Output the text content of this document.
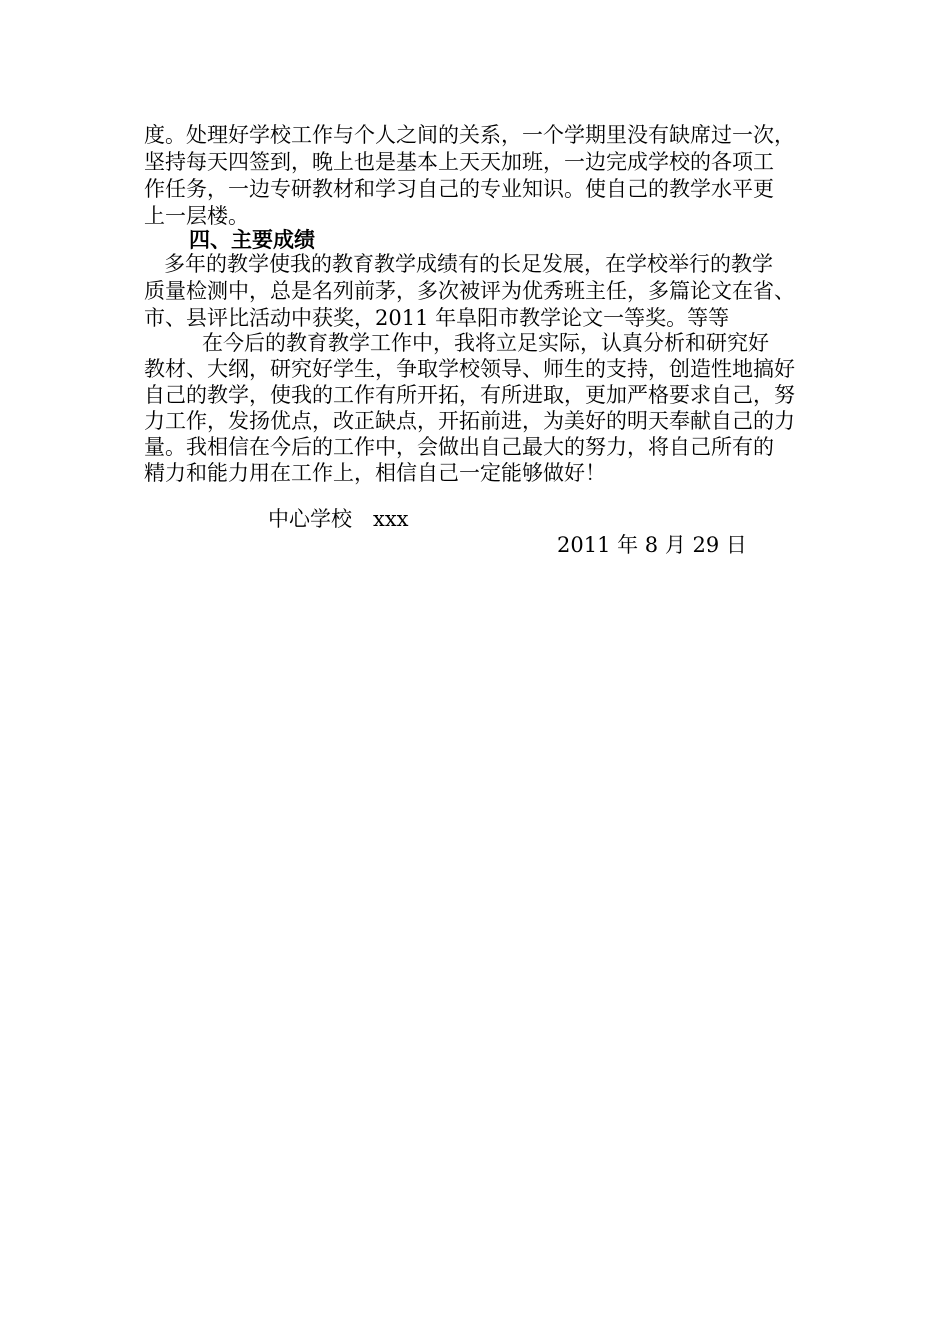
度。处理好学校工作与个人之间的关系，一个学期里没有缺席过一次，
坚持每天四签到，晚上也是基本上天天加班，一边完成学校的各项工
作任务，一边专研教材和学习自己的专业知识。使自己的教学水平更
上一层楼。
四、主要成绩
多年的教学使我的教育教学成绩有的长足发展，在学校举行的教学
质量检测中，总是名列前茅，多次被评为优秀班主任，多篇论文在省、
市、县评比活动中获奖，2011 年阜阳市教学论文一等奖。等等
在今后的教育教学工作中，我将立足实际，认真分析和研究好
教材、大纲，研究好学生，争取学校领导、师生的支持，创造性地搞好
自己的教学，使我的工作有所开拓，有所进取，更加严格要求自己，努
力工作，发扬优点，改正缺点，开拓前进，为美好的明天奉献自己的力
量。我相信在今后的工作中，会做出自己最大的努力，将自己所有的
精力和能力用在工作上，相信自己一定能够做好！
中心学校　xxx
2011 年 8 月 29 日
